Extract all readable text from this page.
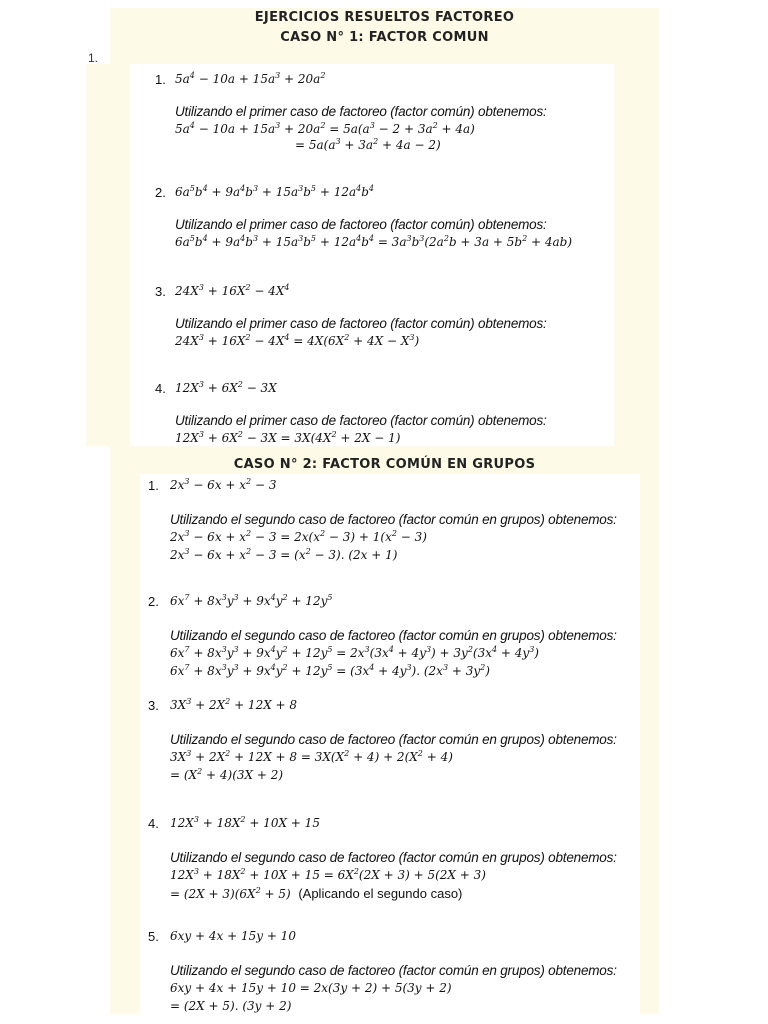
EJERCICIOS RESUELTOS FACTOREO
CASO N° 1: FACTOR COMUN
1.
1. $5a^4 - 10a + 15a^3 + 20a^2$
Utilizando el primer caso de factoreo (factor común) obtenemos:
$5a^4 - 10a + 15a^3 + 20a^2 = 5a(a^3 - 2 + 3a^2 + 4a)$
= $5a(a^3 + 3a^2 + 4a - 2)$
2. $6a^5b^4 + 9a^4b^3 + 15a^3b^5 + 12a^4b^4$
Utilizando el primer caso de factoreo (factor común) obtenemos:
$6a^5b^4 + 9a^4b^3 + 15a^3b^5 + 12a^4b^4 = 3a^3b^3(2a^2b + 3a + 5b^2 + 4ab)$
3. $24X^3 + 16X^2 - 4X^4$
Utilizando el primer caso de factoreo (factor común) obtenemos:
$24X^3 + 16X^2 - 4X^4 = 4X(6X^2 + 4X - X^3)$
4. $12X^3 + 6X^2 - 3X$
Utilizando el primer caso de factoreo (factor común) obtenemos:
$12X^3 + 6X^2 - 3X = 3X(4X^2 + 2X - 1)$
CASO N° 2: FACTOR COMÚN EN GRUPOS
1. $2x^3 - 6x + x^2 - 3$
Utilizando el segundo caso de factoreo (factor común en grupos) obtenemos:
$2x^3 - 6x + x^2 - 3 = 2x(x^2 - 3) + 1(x^2 - 3)$
$2x^3 - 6x + x^2 - 3 = (x^2 - 3)$. (2x + 1)
2. $6x^7 + 8x^3y^3 + 9x^4y^2 + 12y^5$
Utilizando el segundo caso de factoreo (factor común en grupos) obtenemos:
$6x^7 + 8x^3y^3 + 9x^4y^2 + 12y^5 = 2x^3(3x^4 + 4y^3) + 3y^2(3x^4 + 4y^3)$
$6x^7 + 8x^3y^3 + 9x^4y^2 + 12y^5 = (3x^4 + 4y^3)$. $(2x^3 + 3y^2)$
3. $3X^3 + 2X^2 + 12X + 8$
Utilizando el segundo caso de factoreo (factor común en grupos) obtenemos:
$3X^3 + 2X^2 + 12X + 8 = 3X(X^2 + 4) + 2(X^2 + 4)$
= $(X^2 + 4)(3X + 2)$
4. $12X^3 + 18X^2 + 10X + 15$
Utilizando el segundo caso de factoreo (factor común en grupos) obtenemos:
$12X^3 + 18X^2 + 10X + 15 = 6X^2(2X + 3) + 5(2X + 3)$
= $(2X + 3)(6X^2 + 5)$  (Aplicando el segundo caso)
5. 6xy + 4x + 15y + 10
Utilizando el segundo caso de factoreo (factor común en grupos) obtenemos:
6xy + 4x + 15y + 10 = 2x(3y + 2) + 5(3y + 2)
= (2X + 5). (3y + 2)
